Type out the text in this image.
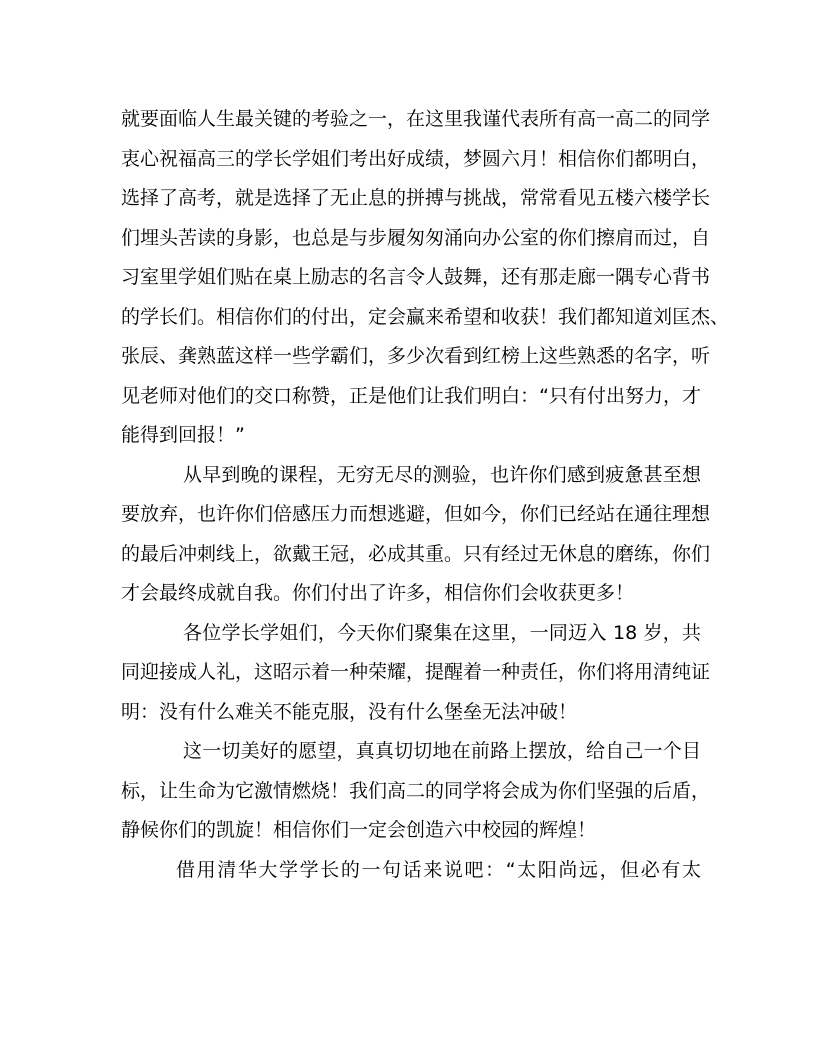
就要面临人生最关键的考验之一，在这里我谨代表所有高一高二的同学
衷心祝福高三的学长学姐们考出好成绩，梦圆六月！相信你们都明白，
选择了高考，就是选择了无止息的拼搏与挑战，常常看见五楼六楼学长
们埋头苦读的身影，也总是与步履匆匆涌向办公室的你们擦肩而过，自
习室里学姐们贴在桌上励志的名言令人鼓舞，还有那走廊一隅专心背书
的学长们。相信你们的付出，定会赢来希望和收获！我们都知道刘匡杰、
张辰、龚熟蓝这样一些学霸们，多少次看到红榜上这些熟悉的名字，听
见老师对他们的交口称赞，正是他们让我们明白：“只有付出努力，才
能得到回报！”
从早到晚的课程，无穷无尽的测验，也许你们感到疲惫甚至想
要放弃，也许你们倍感压力而想逃避，但如今，你们已经站在通往理想
的最后冲刺线上，欲戴王冠，必成其重。只有经过无休息的磨练，你们
才会最终成就自我。你们付出了许多，相信你们会收获更多！
各位学长学姐们，今天你们聚集在这里，一同迈入 18 岁，共
同迎接成人礼，这昭示着一种荣耀，提醒着一种责任，你们将用清纯证
明：没有什么难关不能克服，没有什么堡垒无法冲破！
这一切美好的愿望，真真切切地在前路上摆放，给自己一个目
标，让生命为它激情燃烧！我们高二的同学将会成为你们坚强的后盾，
静候你们的凯旋！相信你们一定会创造六中校园的辉煌！
借用清华大学学长的一句话来说吧：“太阳尚远，但必有太
